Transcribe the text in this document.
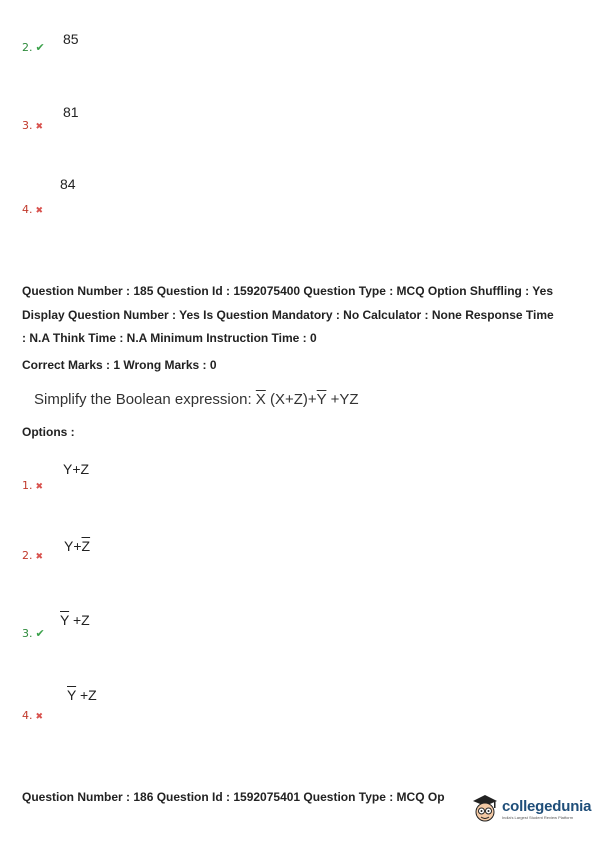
2. ✔
85
3. ✖
81
4. ✖
84
Question Number : 185 Question Id : 1592075400 Question Type : MCQ Option Shuffling : Yes
Display Question Number : Yes Is Question Mandatory : No Calculator : None Response Time
: N.A Think Time : N.A Minimum Instruction Time : 0
Correct Marks : 1 Wrong Marks : 0
Simplify the Boolean expression: $\overline{X}$ $(X+Z)+\overline{Y} +YZ$
Options :
1. ✖
Y+Z
2. ✖
$Y+\overline{Z}$
3. ✔
$\overline{Y} +Z$
4. ✖
$\overline{Y} +Z$
Question Number : 186 Question Id : 1592075401 Question Type : MCQ Op
collegedunia
India's Largest Student Review Platform
